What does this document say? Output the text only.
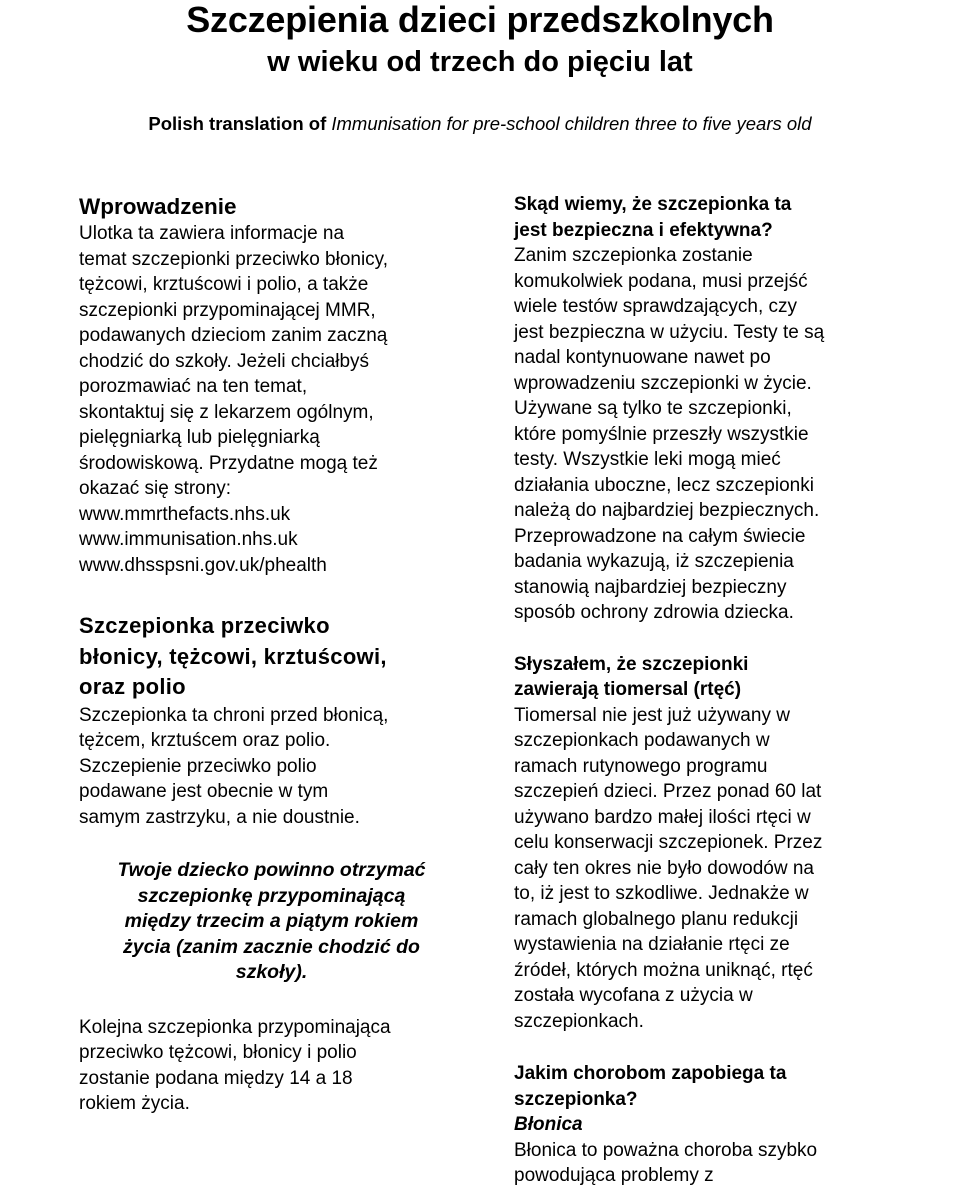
Szczepienia dzieci przedszkolnych
w wieku od trzech do pięciu lat
Polish translation of Immunisation for pre-school children three to five years old

Wprowadzenie

Ulotka ta zawiera informacje na
temat szczepionki przeciwko błonicy,
tężcowi, krztuścowi i polio, a także
szczepionki przypominającej MMR,
podawanych dzieciom zanim zaczną
chodzić do szkoły. Jeżeli chciałbyś
porozmawiać na ten temat,
skontaktuj się z lekarzem ogólnym,
pielęgniarką lub pielęgniarką
środowiskową. Przydatne mogą też
okazać się strony:
www.mmrthefacts.nhs.uk
www.immunisation.nhs.uk
www.dhsspsni.gov.uk/phealth

Szczepionka przeciwko
błonicy, tężcowi, krztuścowi,
oraz polio

Szczepionka ta chroni przed błonicą,
tężcem, krztuścem oraz polio.
Szczepienie przeciwko polio
podawane jest obecnie w tym
samym zastrzyku, a nie doustnie.
Twoje dziecko powinno otrzymać
szczepionkę przypominającą
między trzecim a piątym rokiem
życia (zanim zacznie chodzić do
szkoły).
Kolejna szczepionka przypominająca
przeciwko tężcowi, błonicy i polio
zostanie podana między 14 a 18
rokiem życia.

Skąd wiemy, że szczepionka ta
jest bezpieczna i efektywna?

Zanim szczepionka zostanie
komukolwiek podana, musi przejść
wiele testów sprawdzających, czy
jest bezpieczna w użyciu. Testy te są
nadal kontynuowane nawet po
wprowadzeniu szczepionki w życie.
Używane są tylko te szczepionki,
które pomyślnie przeszły wszystkie
testy. Wszystkie leki mogą mieć
działania uboczne, lecz szczepionki
należą do najbardziej bezpiecznych.
Przeprowadzone na całym świecie
badania wykazują, iż szczepienia
stanowią najbardziej bezpieczny
sposób ochrony zdrowia dziecka.

Słyszałem, że szczepionki
zawierają tiomersal (rtęć)

Tiomersal nie jest już używany w
szczepionkach podawanych w
ramach rutynowego programu
szczepień dzieci. Przez ponad 60 lat
używano bardzo małej ilości rtęci w
celu konserwacji szczepionek. Przez
cały ten okres nie było dowodów na
to, iż jest to szkodliwe. Jednakże w
ramach globalnego planu redukcji
wystawienia na działanie rtęci ze
źródeł, których można uniknąć, rtęć
została wycofana z użycia w
szczepionkach.

Jakim chorobom zapobiega ta
szczepionka?

Błonica

Błonica to poważna choroba szybko
powodująca problemy z
